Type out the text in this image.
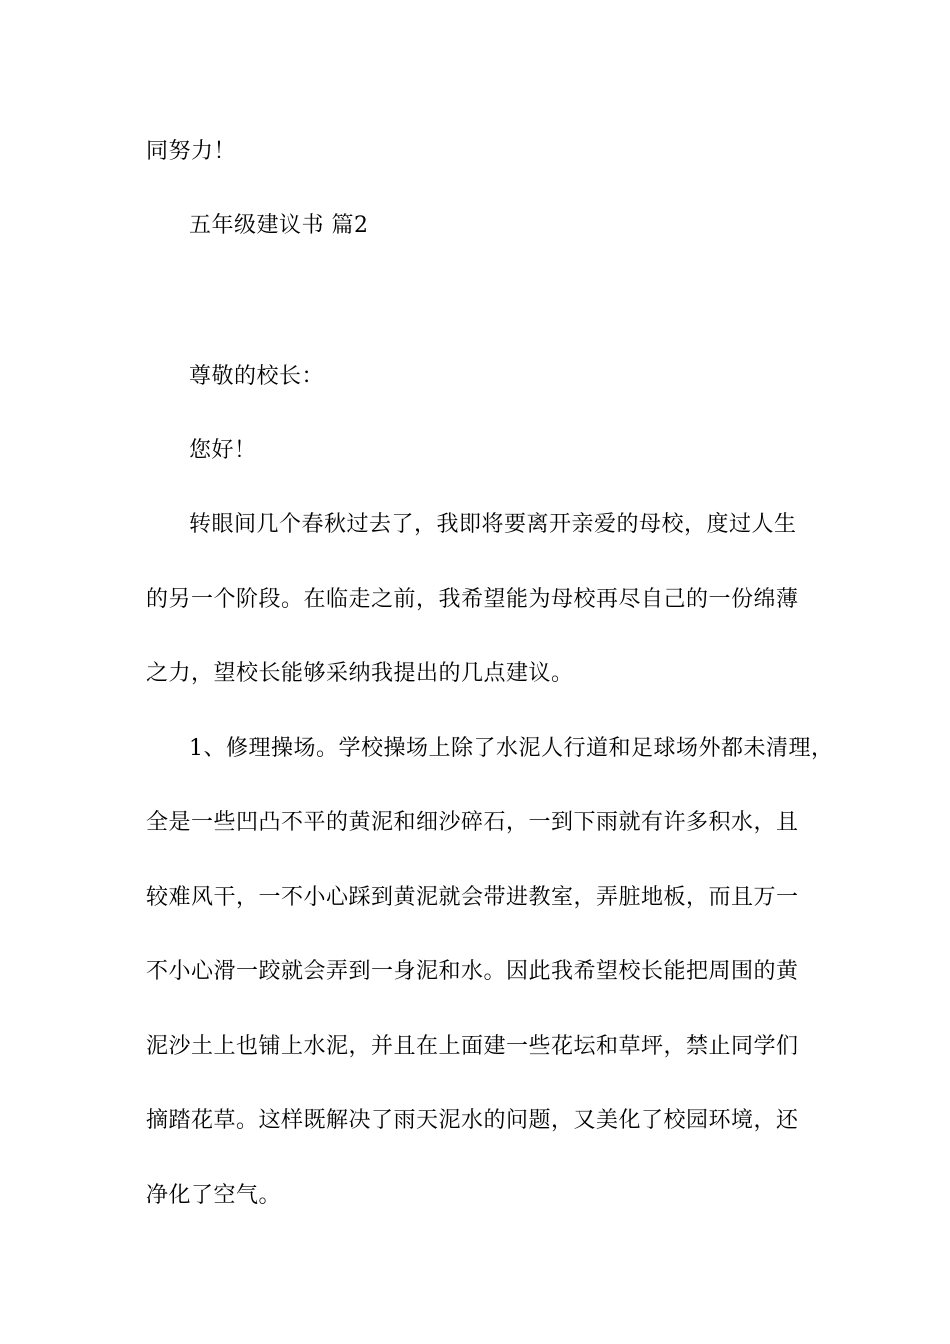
同努力！
五年级建议书 篇2
尊敬的校长：
您好！
转眼间几个春秋过去了，我即将要离开亲爱的母校，度过人生
的另一个阶段。在临走之前，我希望能为母校再尽自己的一份绵薄
之力，望校长能够采纳我提出的几点建议。
1、修理操场。学校操场上除了水泥人行道和足球场外都未清理，
全是一些凹凸不平的黄泥和细沙碎石，一到下雨就有许多积水，且
较难风干，一不小心踩到黄泥就会带进教室，弄脏地板，而且万一
不小心滑一跤就会弄到一身泥和水。因此我希望校长能把周围的黄
泥沙土上也铺上水泥，并且在上面建一些花坛和草坪，禁止同学们
摘踏花草。这样既解决了雨天泥水的问题，又美化了校园环境，还
净化了空气。
